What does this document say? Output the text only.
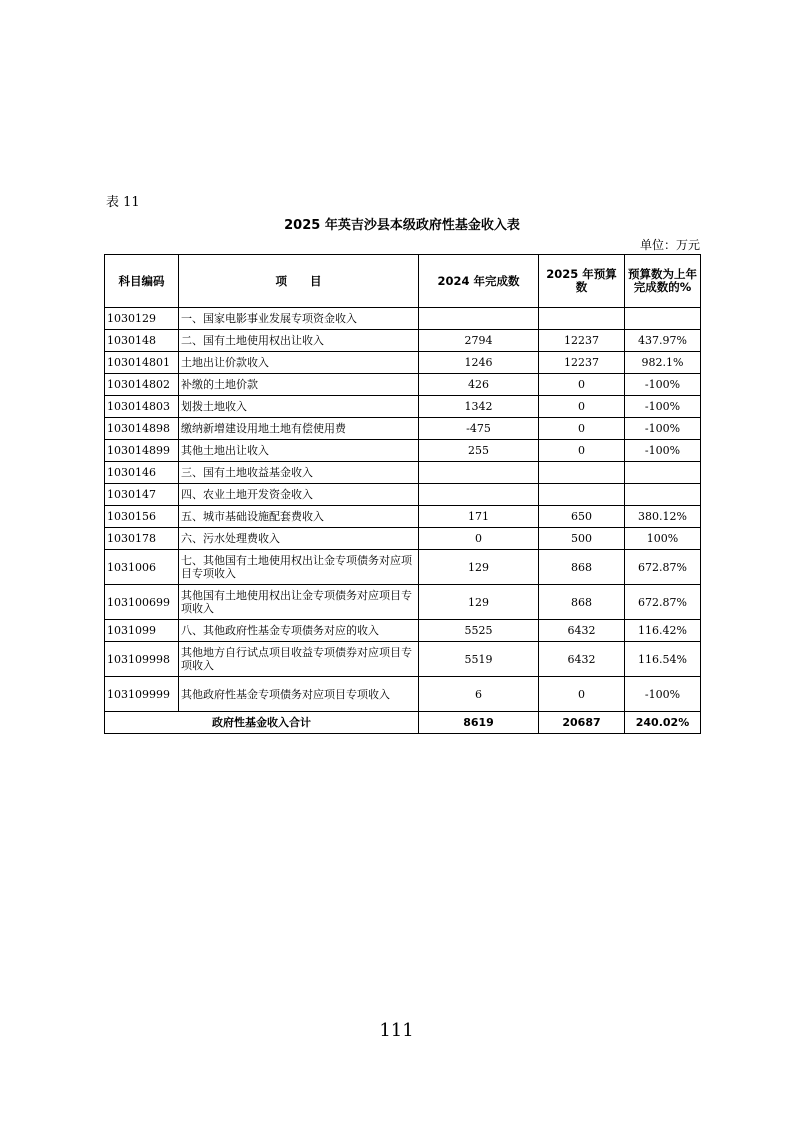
表 11
2025 年英吉沙县本级政府性基金收入表
单位：万元
科目编码	项　　目	2024 年完成数	2025 年预算数	预算数为上年完成数的%
1030129	一、国家电影事业发展专项资金收入			
1030148	二、国有土地使用权出让收入	2794	12237	437.97%
103014801	土地出让价款收入	1246	12237	982.1%
103014802	补缴的土地价款	426	0	-100%
103014803	划拨土地收入	1342	0	-100%
103014898	缴纳新增建设用地土地有偿使用费	-475	0	-100%
103014899	其他土地出让收入	255	0	-100%
1030146	三、国有土地收益基金收入			
1030147	四、农业土地开发资金收入			
1030156	五、城市基础设施配套费收入	171	650	380.12%
1030178	六、污水处理费收入	0	500	100%
1031006	七、其他国有土地使用权出让金专项债务对应项目专项收入	129	868	672.87%
103100699	其他国有土地使用权出让金专项债务对应项目专项收入	129	868	672.87%
1031099	八、其他政府性基金专项债务对应的收入	5525	6432	116.42%
103109998	其他地方自行试点项目收益专项债券对应项目专项收入	5519	6432	116.54%
103109999	其他政府性基金专项债务对应项目专项收入	6	0	-100%
政府性基金收入合计		8619	20687	240.02%
111
